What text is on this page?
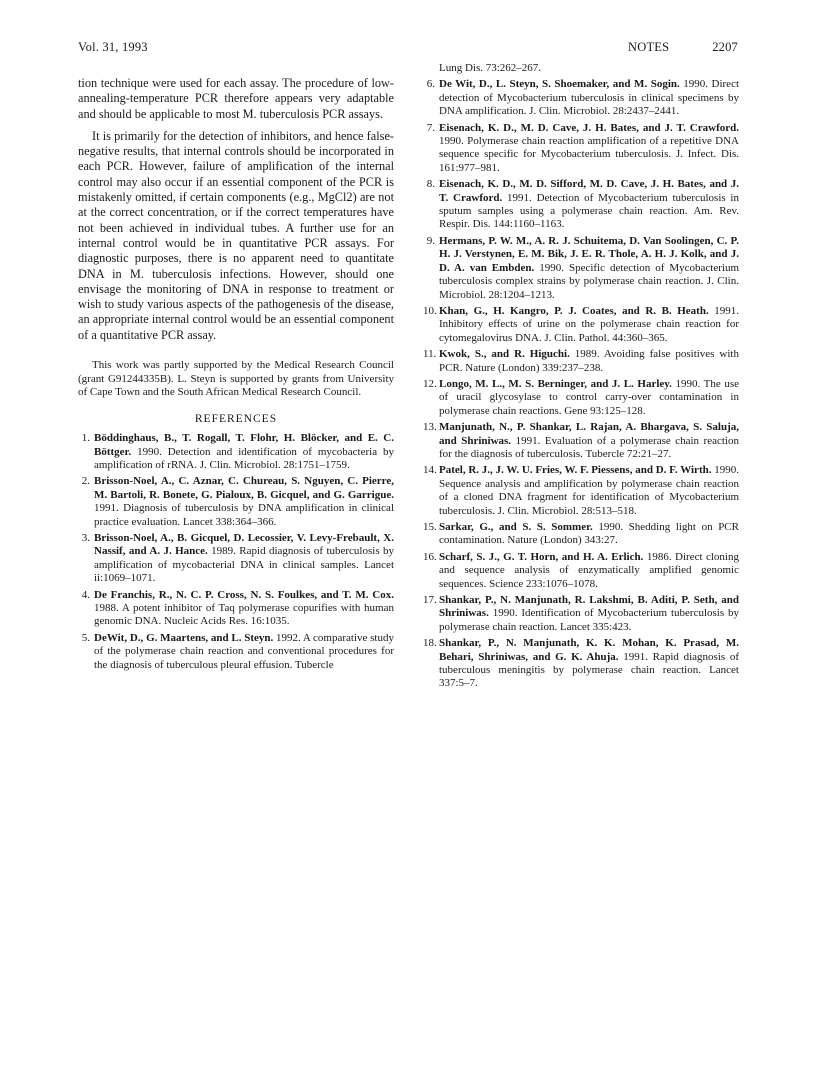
Vol. 31, 1993	NOTES	2207

tion technique were used for each assay. The procedure of low-annealing-temperature PCR therefore appears very adaptable and should be applicable to most M. tuberculosis PCR assays.

It is primarily for the detection of inhibitors, and hence false-negative results, that internal controls should be incorporated in each PCR. However, failure of amplification of the internal control may also occur if an essential component of the PCR is mistakenly omitted, if certain components (e.g., MgCl2) are not at the correct concentration, or if the correct temperatures have not been achieved in individual tubes. A further use for an internal control would be in quantitative PCR assays. For diagnostic purposes, there is no apparent need to quantitate DNA in M. tuberculosis infections. However, should one envisage the monitoring of DNA in response to treatment or wish to study various aspects of the pathogenesis of the disease, an appropriate internal control would be an essential component of a quantitative PCR assay.

This work was partly supported by the Medical Research Council (grant G91244335B). L. Steyn is supported by grants from University of Cape Town and the South African Medical Research Council.

REFERENCES
1. Böddinghaus, B., T. Rogall, T. Flohr, H. Blöcker, and E. C. Böttger. 1990. Detection and identification of mycobacteria by amplification of rRNA. J. Clin. Microbiol. 28:1751–1759.
2. Brisson-Noel, A., C. Aznar, C. Chureau, S. Nguyen, C. Pierre, M. Bartoli, R. Bonete, G. Pialoux, B. Gicquel, and G. Garrigue. 1991. Diagnosis of tuberculosis by DNA amplification in clinical practice evaluation. Lancet 338:364–366.
3. Brisson-Noel, A., B. Gicquel, D. Lecossier, V. Levy-Frebault, X. Nassif, and A. J. Hance. 1989. Rapid diagnosis of tuberculosis by amplification of mycobacterial DNA in clinical samples. Lancet ii:1069–1071.
4. De Franchis, R., N. C. P. Cross, N. S. Foulkes, and T. M. Cox. 1988. A potent inhibitor of Taq polymerase copurifies with human genomic DNA. Nucleic Acids Res. 16:1035.
5. DeWit, D., G. Maartens, and L. Steyn. 1992. A comparative study of the polymerase chain reaction and conventional procedures for the diagnosis of tuberculous pleural effusion. Tubercle
Lung Dis. 73:262–267.
6. De Wit, D., L. Steyn, S. Shoemaker, and M. Sogin. 1990. Direct detection of Mycobacterium tuberculosis in clinical specimens by DNA amplification. J. Clin. Microbiol. 28:2437–2441.
7. Eisenach, K. D., M. D. Cave, J. H. Bates, and J. T. Crawford. 1990. Polymerase chain reaction amplification of a repetitive DNA sequence specific for Mycobacterium tuberculosis. J. Infect. Dis. 161:977–981.
8. Eisenach, K. D., M. D. Sifford, M. D. Cave, J. H. Bates, and J. T. Crawford. 1991. Detection of Mycobacterium tuberculosis in sputum samples using a polymerase chain reaction. Am. Rev. Respir. Dis. 144:1160–1163.
9. Hermans, P. W. M., A. R. J. Schuitema, D. Van Soolingen, C. P. H. J. Verstynen, E. M. Bik, J. E. R. Thole, A. H. J. Kolk, and J. D. A. van Embden. 1990. Specific detection of Mycobacterium tuberculosis complex strains by polymerase chain reaction. J. Clin. Microbiol. 28:1204–1213.
10. Khan, G., H. Kangro, P. J. Coates, and R. B. Heath. 1991. Inhibitory effects of urine on the polymerase chain reaction for cytomegalovirus DNA. J. Clin. Pathol. 44:360–365.
11. Kwok, S., and R. Higuchi. 1989. Avoiding false positives with PCR. Nature (London) 339:237–238.
12. Longo, M. L., M. S. Berninger, and J. L. Harley. 1990. The use of uracil glycosylase to control carry-over contamination in polymerase chain reactions. Gene 93:125–128.
13. Manjunath, N., P. Shankar, L. Rajan, A. Bhargava, S. Saluja, and Shriniwas. 1991. Evaluation of a polymerase chain reaction for the diagnosis of tuberculosis. Tubercle 72:21–27.
14. Patel, R. J., J. W. U. Fries, W. F. Piessens, and D. F. Wirth. 1990. Sequence analysis and amplification by polymerase chain reaction of a cloned DNA fragment for identification of Mycobacterium tuberculosis. J. Clin. Microbiol. 28:513–518.
15. Sarkar, G., and S. S. Sommer. 1990. Shedding light on PCR contamination. Nature (London) 343:27.
16. Scharf, S. J., G. T. Horn, and H. A. Erlich. 1986. Direct cloning and sequence analysis of enzymatically amplified genomic sequences. Science 233:1076–1078.
17. Shankar, P., N. Manjunath, R. Lakshmi, B. Aditi, P. Seth, and Shriniwas. 1990. Identification of Mycobacterium tuberculosis by polymerase chain reaction. Lancet 335:423.
18. Shankar, P., N. Manjunath, K. K. Mohan, K. Prasad, M. Behari, Shriniwas, and G. K. Ahuja. 1991. Rapid diagnosis of tuberculous meningitis by polymerase chain reaction. Lancet 337:5–7.
